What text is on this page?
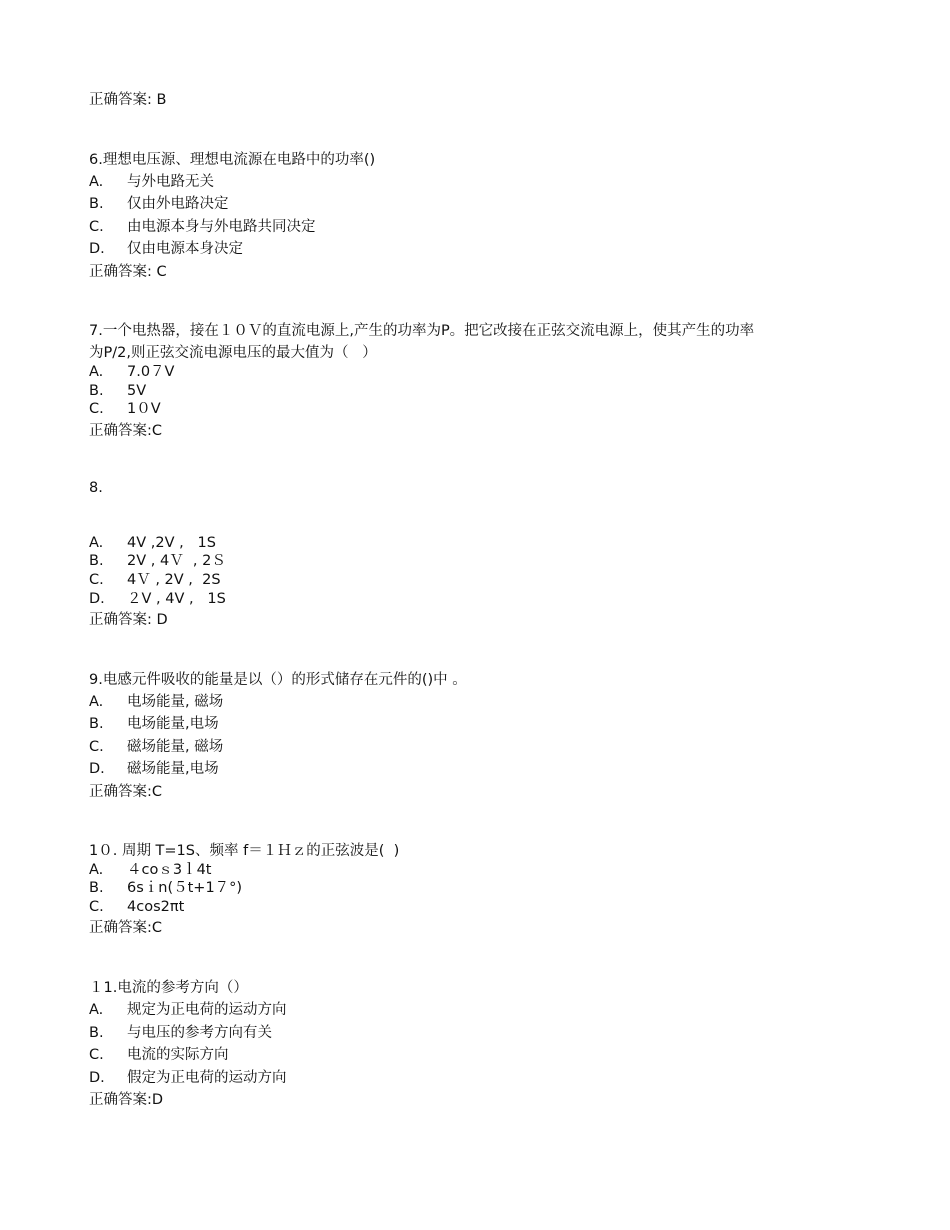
正确答案: B
6.理想电压源、理想电流源在电路中的功率()
A. 与外电路无关
B. 仅由外电路决定
C. 由电源本身与外电路共同决定
D. 仅由电源本身决定
正确答案: C
7.一个电热器，接在１０Ｖ的直流电源上,产生的功率为P。把它改接在正弦交流电源上，使其产生的功率
为P/2,则正弦交流电源电压的最大值为（   ）
A. 7.0７V
B. 5V
C. 1０V
正确答案:C
8.
A. 4V ,2V ,   1S
B. 2V , 4Ｖ  , 2Ｓ
C. 4Ｖ , 2V ,  2S
D. ２V , 4V ,   1S
正确答案: D
9.电感元件吸收的能量是以（）的形式储存在元件的()中 。
A. 电场能量, 磁场
B. 电场能量,电场
C. 磁场能量, 磁场
D. 磁场能量,电场
正确答案:C
1０. 周期 T=1S、频率 f＝１Ｈｚ的正弦波是(  )
A. ４coｓ3ｌ4t
B. 6sｉn(５t+1７°)
C. 4cos2πt
正确答案:C
１1.电流的参考方向（）
A. 规定为正电荷的运动方向
B. 与电压的参考方向有关
C. 电流的实际方向
D. 假定为正电荷的运动方向
正确答案:D
